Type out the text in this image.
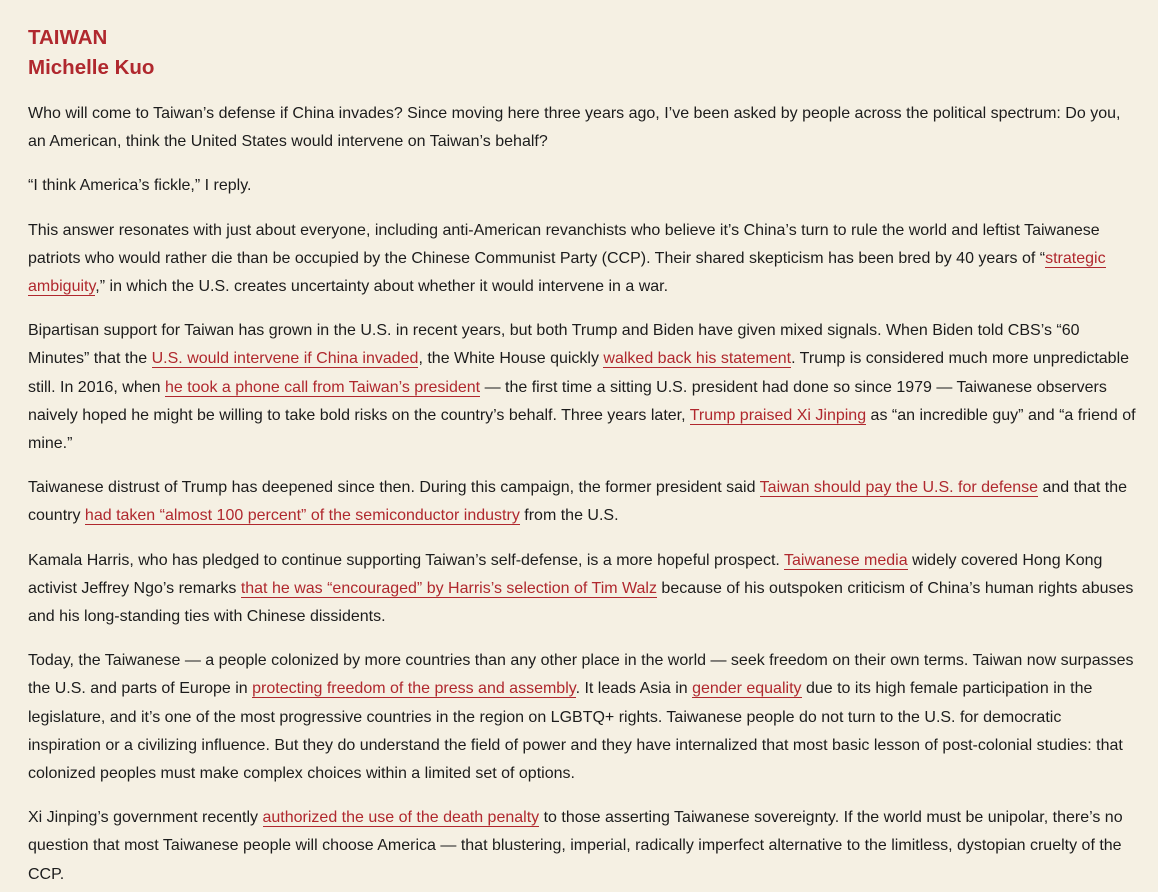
TAIWAN
Michelle Kuo

Who will come to Taiwan’s defense if China invades? Since moving here three years ago, I’ve been asked by people across the political spectrum: Do you, an American, think the United States would intervene on Taiwan’s behalf?

“I think America’s fickle,” I reply.

This answer resonates with just about everyone, including anti-American revanchists who believe it’s China’s turn to rule the world and leftist Taiwanese patriots who would rather die than be occupied by the Chinese Communist Party (CCP). Their shared skepticism has been bred by 40 years of “strategic ambiguity,” in which the U.S. creates uncertainty about whether it would intervene in a war.

Bipartisan support for Taiwan has grown in the U.S. in recent years, but both Trump and Biden have given mixed signals. When Biden told CBS’s “60 Minutes” that the U.S. would intervene if China invaded, the White House quickly walked back his statement. Trump is considered much more unpredictable still. In 2016, when he took a phone call from Taiwan’s president — the first time a sitting U.S. president had done so since 1979 — Taiwanese observers naively hoped he might be willing to take bold risks on the country’s behalf. Three years later, Trump praised Xi Jinping as “an incredible guy” and “a friend of mine.”

Taiwanese distrust of Trump has deepened since then. During this campaign, the former president said Taiwan should pay the U.S. for defense and that the country had taken “almost 100 percent” of the semiconductor industry from the U.S.

Kamala Harris, who has pledged to continue supporting Taiwan’s self-defense, is a more hopeful prospect. Taiwanese media widely covered Hong Kong activist Jeffrey Ngo’s remarks that he was “encouraged” by Harris’s selection of Tim Walz because of his outspoken criticism of China’s human rights abuses and his long-standing ties with Chinese dissidents.

Today, the Taiwanese — a people colonized by more countries than any other place in the world — seek freedom on their own terms. Taiwan now surpasses the U.S. and parts of Europe in protecting freedom of the press and assembly. It leads Asia in gender equality due to its high female participation in the legislature, and it’s one of the most progressive countries in the region on LGBTQ+ rights. Taiwanese people do not turn to the U.S. for democratic inspiration or a civilizing influence. But they do understand the field of power and they have internalized that most basic lesson of post-colonial studies: that colonized peoples must make complex choices within a limited set of options.

Xi Jinping’s government recently authorized the use of the death penalty to those asserting Taiwanese sovereignty. If the world must be unipolar, there’s no question that most Taiwanese people will choose America — that blustering, imperial, radically imperfect alternative to the limitless, dystopian cruelty of the CCP.
